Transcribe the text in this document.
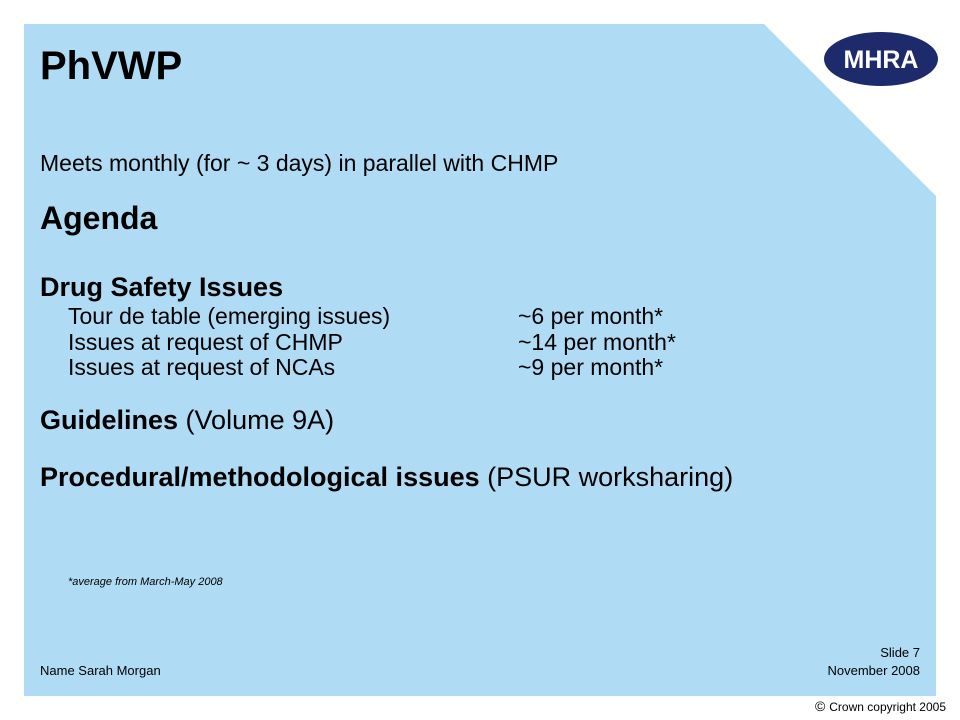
MHRA
PhVWP
Meets monthly (for ~ 3 days) in parallel with CHMP
Agenda
Drug Safety Issues
Tour de table (emerging issues)	~6 per month*
Issues at request of CHMP	~14 per month*
Issues at request of NCAs	~9 per month*
Guidelines (Volume 9A)
Procedural/methodological issues (PSUR worksharing)
*average from March-May 2008
Name Sarah Morgan
Slide 7
November 2008
© Crown copyright 2005
